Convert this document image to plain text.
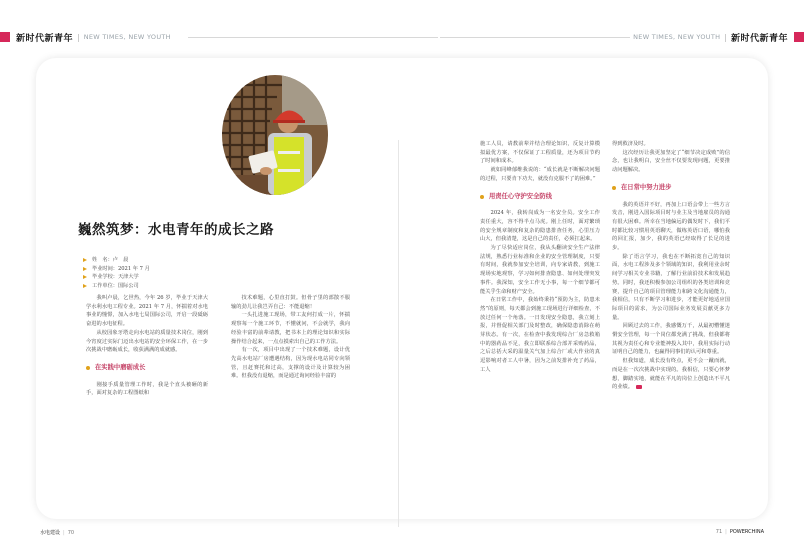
新时代新青年 | NEW TIMES, NEW YOUTH	NEW TIMES, NEW YOUTH | 新时代新青年
巍然筑梦：水电青年的成长之路
姓　名：卢　晨
毕业时间：2021 年 7 月
毕业学校：天津大学
工作单位：国际公司

我叫卢晨，乞世热，今年 26 岁，毕业于天津大学水利水电工程专业。2021 年 7 月，怀揣着对水电事业的憧憬，加入水电七局国际公司，开启一段砥砺奋进的水电征程。

从校园象牙塔走向水电站的质量技术岗位，刚到今宵度过实际门迈出水电站的安全环保工作，在一步次挑战中磨砺成长，收获满满的成就感。

在实践中磨砺成长

刚接手质量管理工作时，我是个直头被砸的新手，面对复杂的工程图纸和

技术难题，心里直打鼓。但骨子里的部散不服输的劲儿让我岂弄自己：不能退缩！

一头扎进施工现场，带工友何打成一片，怀揣观察每一个施工环节，不懂就问，不会就学，我向经验丰富的前辈请教，把书本上的理论知识和实际操作结合起来，一点点摸索出自己的工作方法。

有一次，项目中出现了一个技术难题，设计优先高水电站厂房遭遇结构，因为现水电站同专向领管，且赶赛托和过高，支撑的设计及计算较为困难。但我没有退缩，而是通过询问经验丰富的

施工人员，请教前辈并结合理论知识，反复计算模拟最优方案，不仅保证了工程质量，还为项目节约了时间和成本。

就如同峰郁维我说的：“成长就是不断解决问题的过程，只要肯下功夫，就没有克服不了的困难。”

用责任心守护安全防线

2024 年，我转岗成为一名安全员。安全工作责任重大，容不得半点马虎。刚上任时，面对繁琐的安全规章制度和复杂的隐患排查任务，心里压力山大，但我清楚，这是自己的责任，必须扛起来。

为了尽快适应岗位，我从头翻读安全生产法律法规，熟悉行业标准和企业的安全管理制度，只要有时间，我就参加安全培训，向专家请教，到施工现场实地观察，学习如何排查隐患、如何处理突发事件。我深知，安全工作无小事，每一个细节都可能关乎生命和财产安全。

在日常工作中，我始终秉持“预防为主，防患未然”的原则，每天都会到施工现场进行详细检查，不放过任何一个角落。一日发现安全隐患，我立刻上报，并督促相关部门及时整改，确保隐患消除在萌芽状态。有一次，在检查中我发现综合厂房急救箱中的器药品不足，我立即联系综合部并采购药品，之后总括大采的温量关气加上综合厂或大作业的真逗影响对者工人中暑，因为之前发排补充了药品，工人

得到救济及时。

这次经历让我更加坚定了“细节决定成败”的信念，也让我明白，安全丝不仅要发现问题，更要推动问题解决。

在日常中努力进步

我的英语并不好，再加上口语会带上一些方言发音，刚进入国际项目时与业主及当地雇员的沟通有很大困难。所幸在当地偏远的偶发时下，我们平时都比较习惯用英语聊天，做练英语口语，哪怕我的回汇报，加少，我的英语已经取得了长足的进步。

除了语言学习，我也在不断拓宽自己的知识面，水电工程涉及多个领域的知识，我利用业余时间学习相关专业书籍，了解行业前沿技术和发展趋势。同时，我还积极参加公司组织的各类培训和竞赛，提升自己的项目管理能力和跨文化沟通能力，我相信，只有不断学习和进步，才能更好地适应国际项目的需求，为公司国际业务发展贡献更多力量。

回顾过去的工作，我感慨万千，从最初懵懂迷惘安全管理，每一个岗位都充满了挑战，但我都将其视为责任心和专业能神投入其中，我用实际行动证明自己的能力，也赢得同事们的认可和尊重。

但我知道，成长没有终点，更不会一蹴而就，而是在一次次挑战中实现的。我相信，只要心怀梦想，脚踏实地，就能在平凡的岗位上创造出不平凡的业绩。

水电建设 | 70	71 | POWERCHINA
